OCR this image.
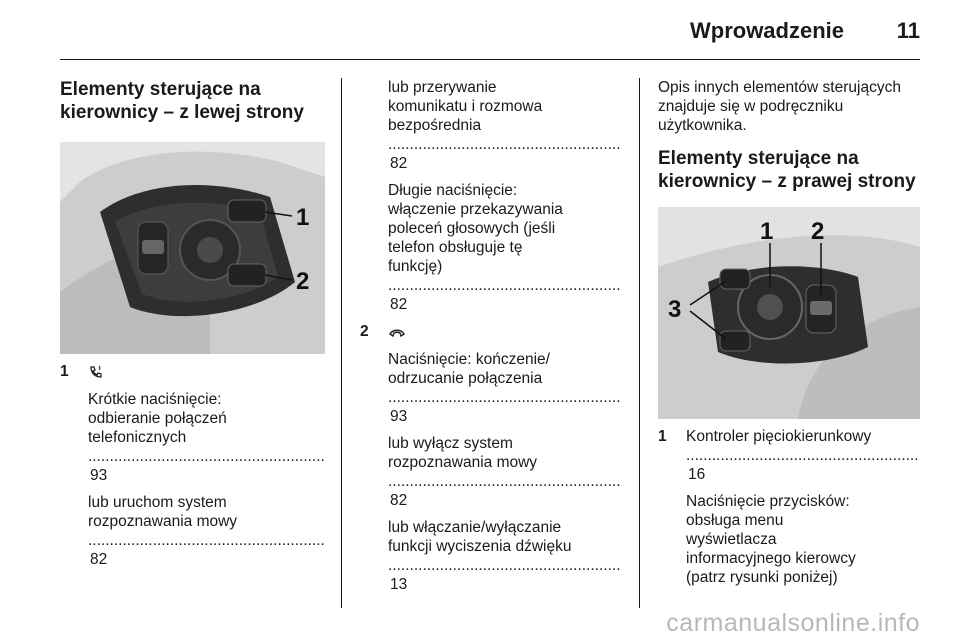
Wprowadzenie 11
Elementy sterujące na
kierownicy – z lewej strony
1
2
1
Krótkie naciśnięcie:
odbieranie połączeń
telefonicznych
.....
93
lub uruchom system
rozpoznawania mowy
.....
82
lub przerywanie
komunikatu i rozmowa
bezpośrednia
.....
82
Długie naciśnięcie:
włączenie przekazywania
poleceń głosowych (jeśli
telefon obsługuje tę
funkcję)
.....
82
2
Naciśnięcie: kończenie/
odrzucanie połączenia
.....
93
lub wyłącz system
rozpoznawania mowy
.....
82
lub włączanie/wyłączanie
funkcji wyciszenia dźwięku
.....
13
Opis innych elementów sterujących
znajduje się w podręczniku
użytkownika.
Elementy sterujące na
kierownicy – z prawej strony
1 2
3
1 Kontroler pięciokierunkowy
.....
16
Naciśnięcie przycisków:
obsługa menu
wyświetlacza
informacyjnego kierowcy
(patrz rysunki poniżej)
carmanualsonline.info
